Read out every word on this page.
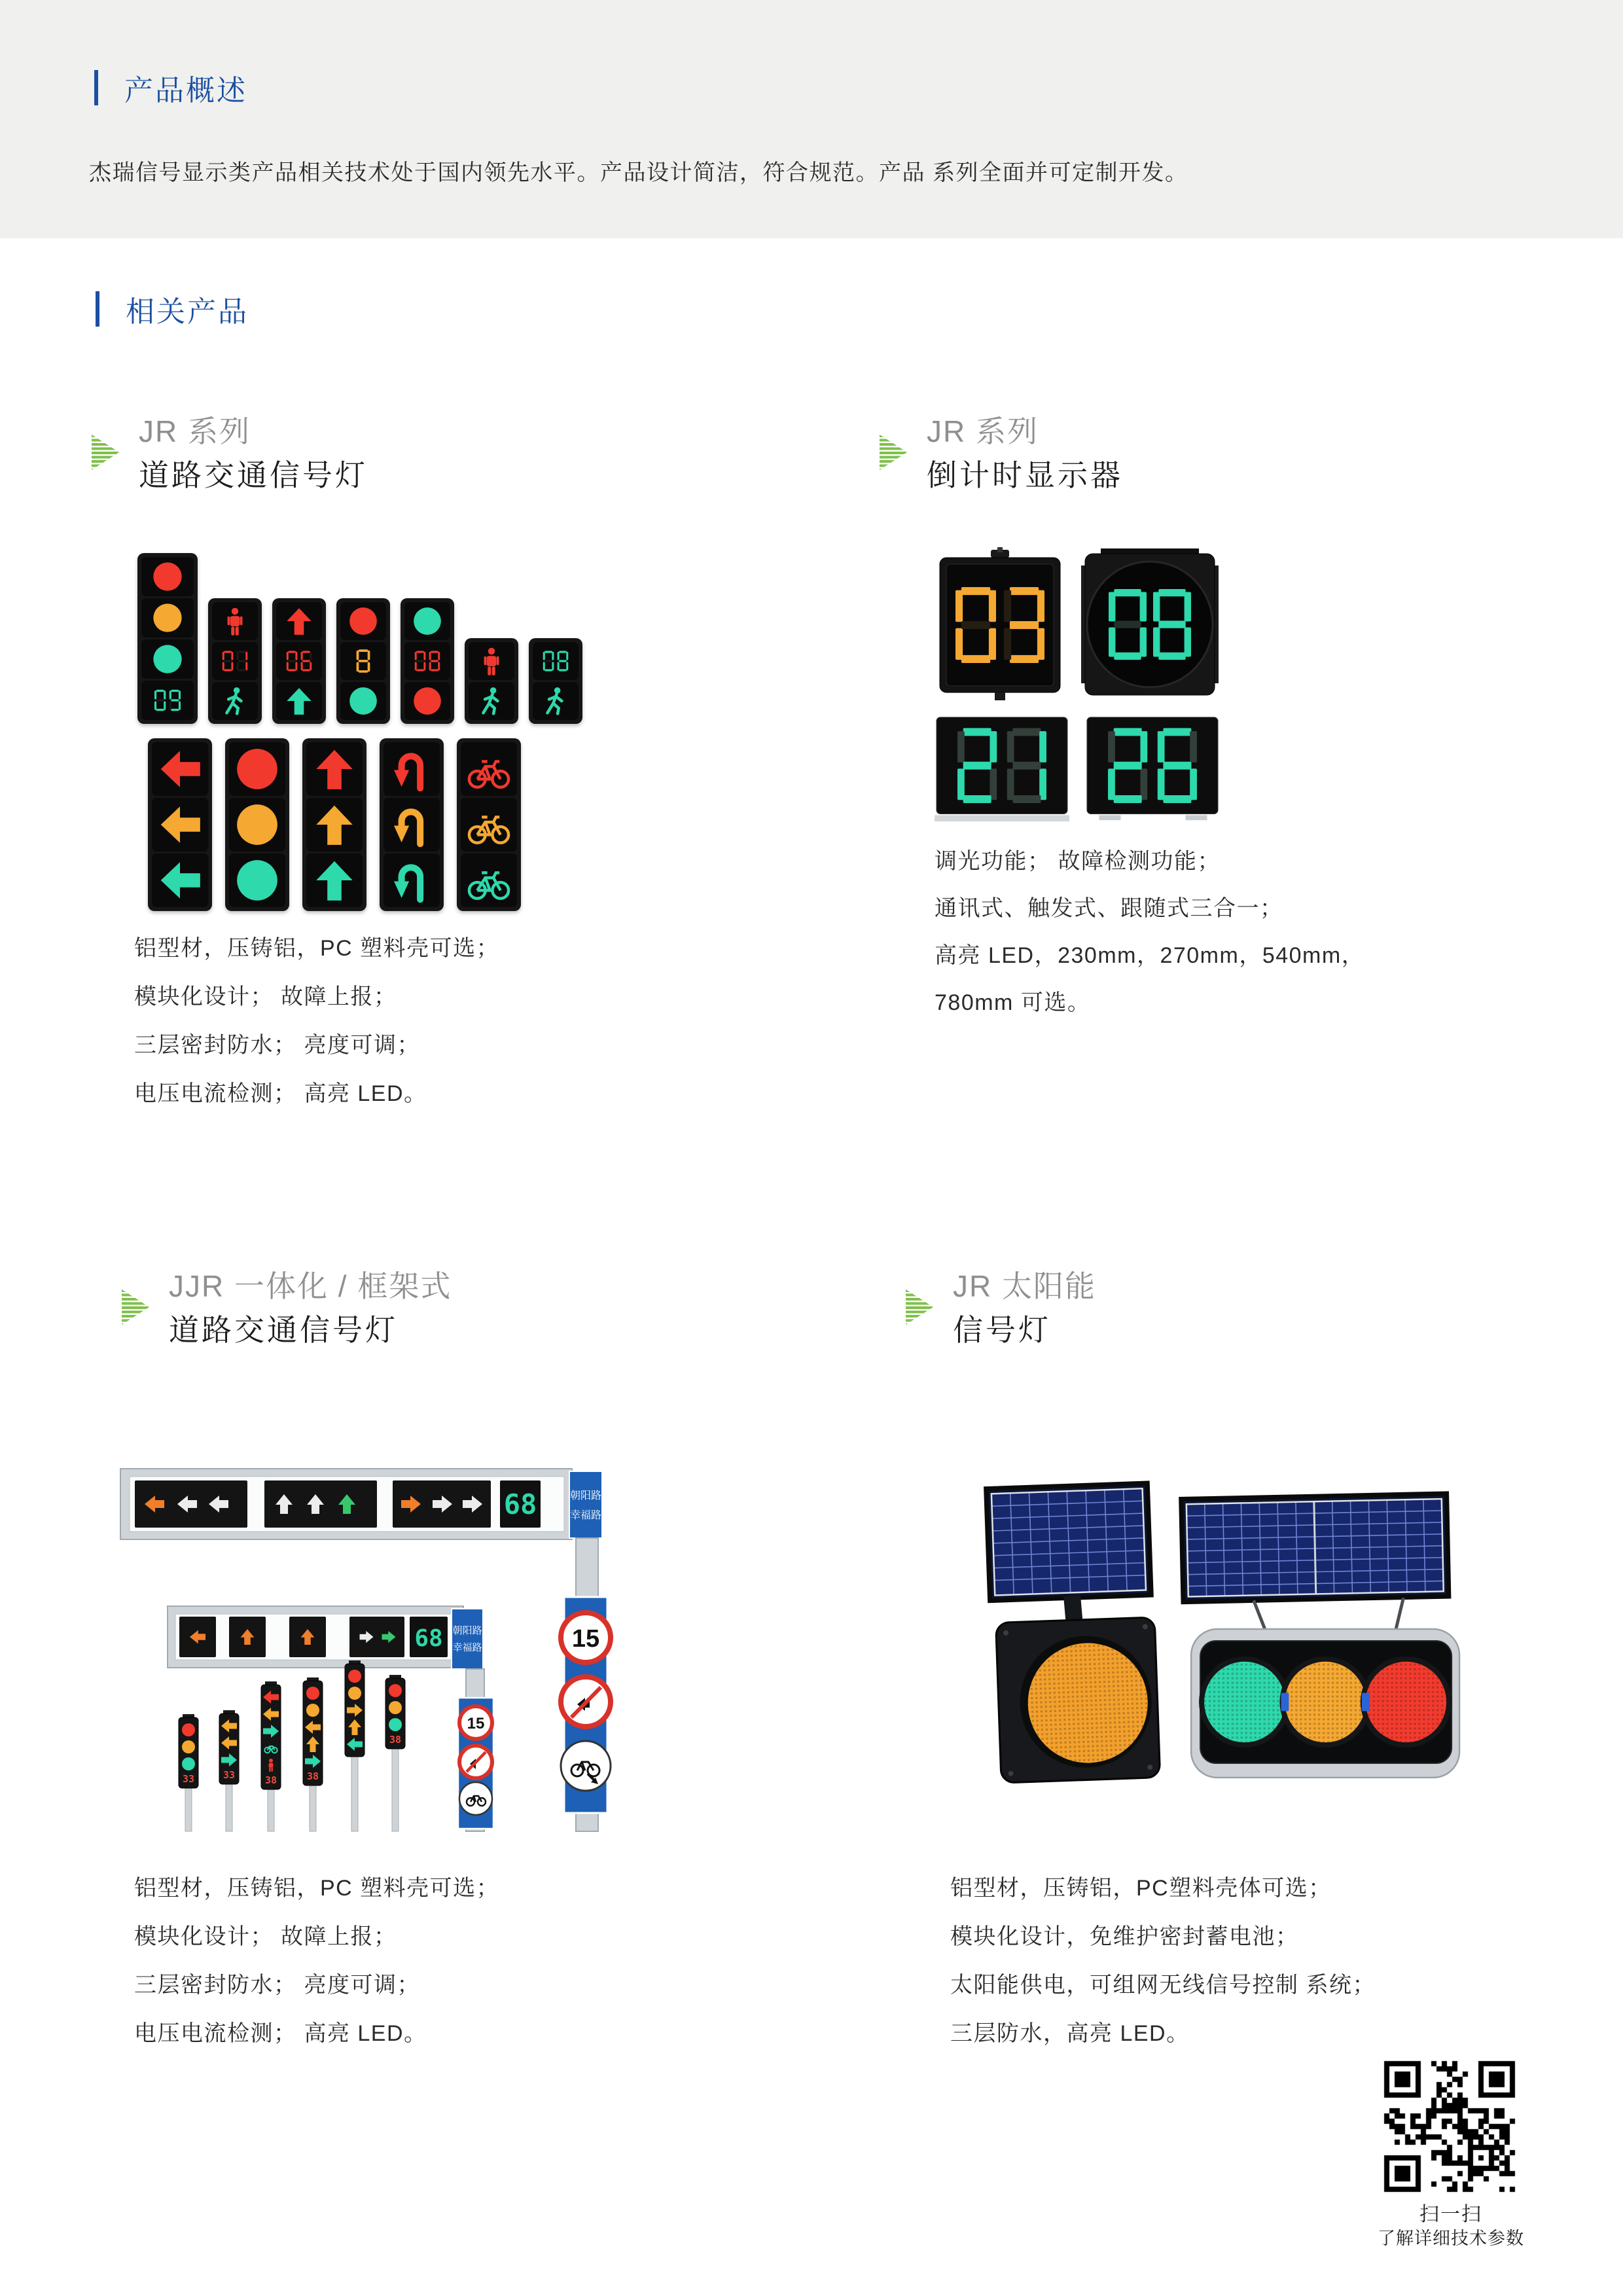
产品概述

杰瑞信号显示类产品相关技术处于国内领先水平。产品设计简洁，符合规范。产品 系列全面并可定制开发。

相关产品
JR 系列
道路交通信号灯
JR 系列
倒计时显示器
JJR 一体化 / 框架式
道路交通信号灯
JR 太阳能
信号灯
68	朝阳路
幸福路
15
68 朝阳路
幸福路
15
33	33	38	38
38

铝型材，压铸铝，PC 塑料壳可选；

模块化设计； 故障上报；

三层密封防水； 亮度可调；

电压电流检测； 高亮 LED。

调光功能； 故障检测功能；

通讯式、触发式、跟随式三合一；

高亮 LED，230mm，270mm，540mm，

780mm 可选。

铝型材，压铸铝，PC 塑料壳可选；

模块化设计； 故障上报；

三层密封防水； 亮度可调；

电压电流检测； 高亮 LED。

铝型材，压铸铝，PC塑料壳体可选；

模块化设计，免维护密封蓄电池；

太阳能供电，可组网无线信号控制 系统；

三层防水，高亮 LED。

扫一扫
了解详细技术参数
